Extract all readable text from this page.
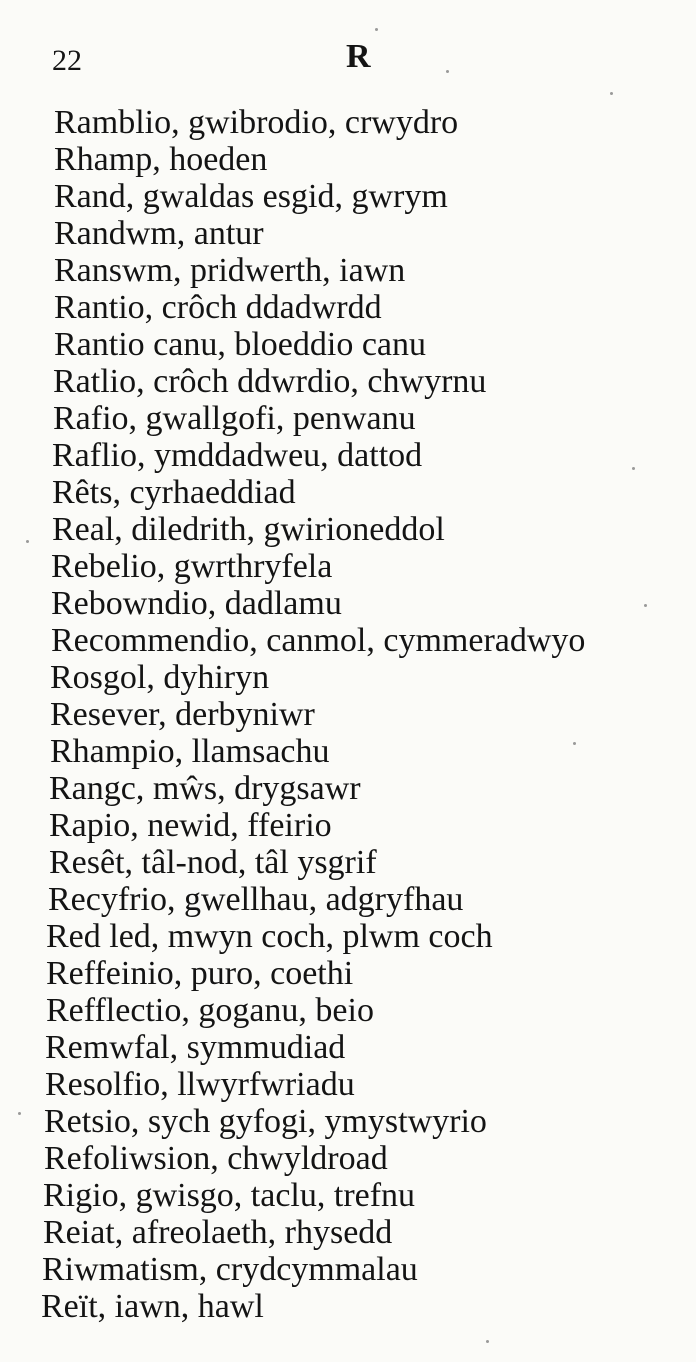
22	R
Ramblio, gwibrodio, crwydro
Rhamp, hoeden
Rand, gwaldas esgid, gwrym
Randwm, antur
Ranswm, pridwerth, iawn
Rantio, crôch ddadwrdd
Rantio canu, bloeddio canu
Ratlio, crôch ddwrdio, chwyrnu
Rafio, gwallgofi, penwanu
Raflio, ymddadweu, dattod
Rêts, cyrhaeddiad
Real, diledrith, gwirioneddol
Rebelio, gwrthryfela
Rebowndio, dadlamu
Recommendio, canmol, cymmeradwyo
Rosgol, dyhiryn
Resever, derbyniwr
Rhampio, llamsachu
Rangc, mŵs, drygsawr
Rapio, newid, ffeirio
Resêt, tâl-nod, tâl ysgrif
Recyfrio, gwellhau, adgryfhau
Red led, mwyn coch, plwm coch
Reffeinio, puro, coethi
Refflectio, goganu, beio
Remwfal, symmudiad
Resolfio, llwyrfwriadu
Retsio, sych gyfogi, ymystwyrio
Refoliwsion, chwyldroad
Rigio, gwisgo, taclu, trefnu
Reiat, afreolaeth, rhysedd
Riwmatism, crydcymmalau
Reït, iawn, hawl
